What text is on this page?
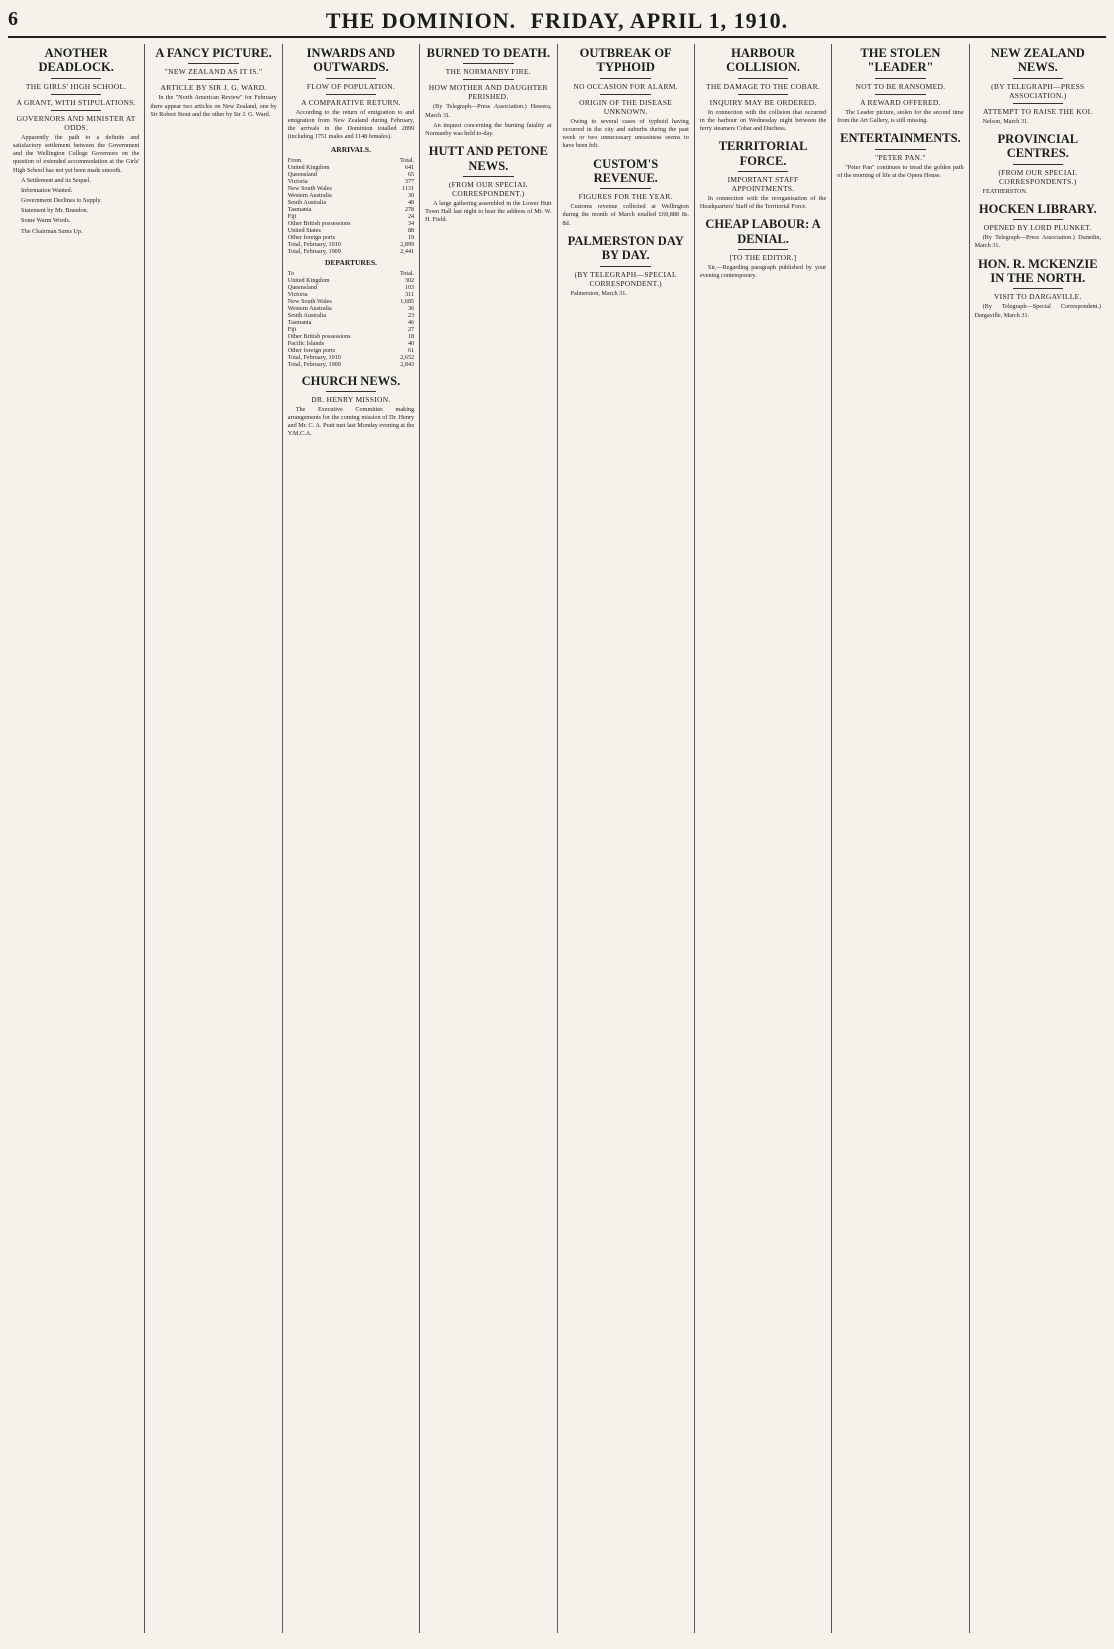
6	THE DOMINION. FRIDAY, APRIL 1, 1910.
ANOTHER DEADLOCK.
THE GIRLS' HIGH SCHOOL.
A GRANT, WITH STIPULATIONS.
GOVERNORS AND MINISTER AT ODDS.

Apparently the path to a definite and satisfactory settlement between the Government and the Wellington College Governors on the question of extended accommodation at the Girls' High School has not yet been made smooth.

A Settlement and its Sequel.

Information Wanted.

Government Declines to Supply.

Statement by Mr. Brandon.

Some Warm Words.

The Chairman Sums Up.

A FANCY PICTURE.
"NEW ZEALAND AS IT IS."
ARTICLE BY SIR J. G. WARD.

In the "North American Review" for February there appear two articles on New Zealand, one by Sir Robert Stout and the other by Sir J. G. Ward.

INWARDS AND OUTWARDS.
FLOW OF POPULATION.
A COMPARATIVE RETURN.

According to the return of emigration to and emigration from New Zealand during February, the arrivals in the Dominion totalled 2899 (including 1751 males and 1148 females).

ARRIVALS.
From	Total.
United Kingdom	641
Queensland	65
Victoria	377
New South Wales	1131
Western Australia	30
South Australia	48
Tasmania	278
Fiji	24
Other British possessions	34
United States	88
Other foreign ports	19
Total, February, 1910	2,899
Total, February, 1909	2,441
DEPARTURES.
To	Total.
United Kingdom	302
Queensland	103
Victoria	311
New South Wales	1,685
Western Australia	36
South Australia	23
Tasmania	46
Fiji	27
Other British possessions	18
Pacific Islands	40
Other foreign ports	61
Total, February, 1910	2,652
Total, February, 1909	2,843
CHURCH NEWS.
DR. HENRY MISSION.

The Executive Committee making arrangements for the coming mission of Dr. Henry and Mr. C. A. Pratt met last Monday evening at the Y.M.C.A.

BURNED TO DEATH.
THE NORMANBY FIRE.
HOW MOTHER AND DAUGHTER PERISHED.

(By Telegraph—Press Association.) Hawera, March 31.

An inquest concerning the burning fatality at Normanby was held to-day.

HUTT AND PETONE NEWS.
(FROM OUR SPECIAL CORRESPONDENT.)

A large gathering assembled in the Lower Hutt Town Hall last night to hear the address of Mr. W. H. Field.

OUTBREAK OF TYPHOID
NO OCCASION FOR ALARM.
ORIGIN OF THE DISEASE UNKNOWN.

Owing to several cases of typhoid having occurred in the city and suburbs during the past week or two unnecessary uneasiness seems to have been felt.

CUSTOM'S REVENUE.
FIGURES FOR THE YEAR.

Customs revenue collected at Wellington during the month of March totalled £69,888 8s. 8d.

PALMERSTON DAY BY DAY.
(BY TELEGRAPH—SPECIAL CORRESPONDENT.)

Palmerston, March 31.

HARBOUR COLLISION.
THE DAMAGE TO THE COBAR.
INQUIRY MAY BE ORDERED.

In connection with the collision that occurred in the harbour on Wednesday night between the ferry steamers Cobar and Duchess.

TERRITORIAL FORCE.
IMPORTANT STAFF APPOINTMENTS.

In connection with the reorganisation of the Headquarters' Staff of the Territorial Force.

CHEAP LABOUR: A DENIAL.
[TO THE EDITOR.]

Sir,—Regarding paragraph published by your evening contemporary.

THE STOLEN "LEADER"
NOT TO BE RANSOMED.
A REWARD OFFERED.

The Leader picture, stolen for the second time from the Art Gallery, is still missing.

ENTERTAINMENTS.
"PETER PAN."

"Peter Pan" continues to tread the golden path of the morning of life at the Opera House.

NEW ZEALAND NEWS.
(BY TELEGRAPH—PRESS ASSOCIATION.)
ATTEMPT TO RAISE THE KOI.

Nelson, March 31.

PROVINCIAL CENTRES.
(FROM OUR SPECIAL CORRESPONDENTS.)

FEATHERSTON.

HOCKEN LIBRARY.
OPENED BY LORD PLUNKET.

(By Telegraph—Press Association.) Dunedin, March 31.

HON. R. MCKENZIE IN THE NORTH.
VISIT TO DARGAVILLE.

(By Telegraph—Special Correspondent.) Dargaville, March 31.
